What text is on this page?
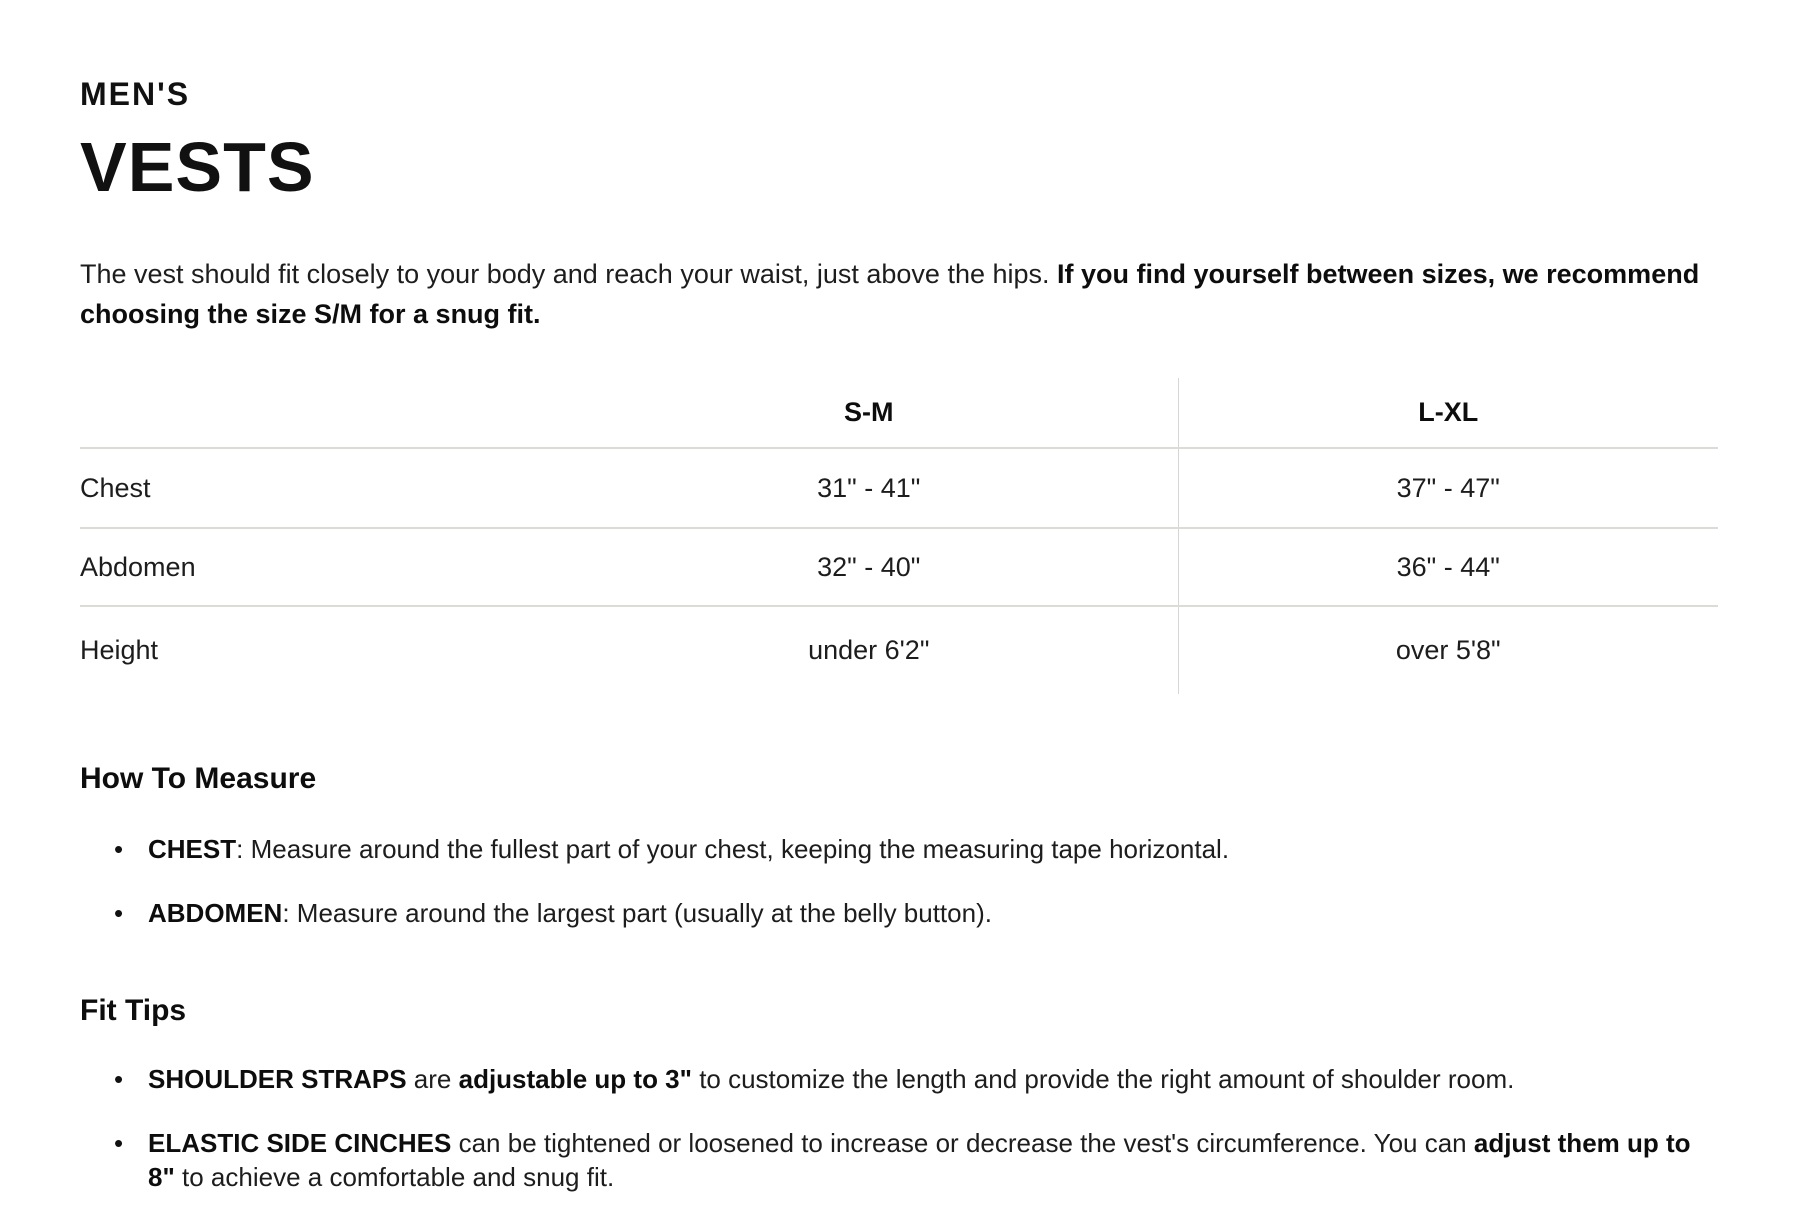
MEN'S
VESTS

The vest should fit closely to your body and reach your waist, just above the hips. If you find yourself between sizes, we recommend choosing the size S/M for a snug fit.

	S-M	L-XL
Chest	31" - 41"	37" - 47"
Abdomen	32" - 40"	36" - 44"
Height	under 6'2"	over 5'8"
How To Measure
• CHEST: Measure around the fullest part of your chest, keeping the measuring tape horizontal.
• ABDOMEN: Measure around the largest part (usually at the belly button).
Fit Tips
• SHOULDER STRAPS are adjustable up to 3" to customize the length and provide the right amount of shoulder room.
• ELASTIC SIDE CINCHES can be tightened or loosened to increase or decrease the vest's circumference. You can adjust them up to 8" to achieve a comfortable and snug fit.
